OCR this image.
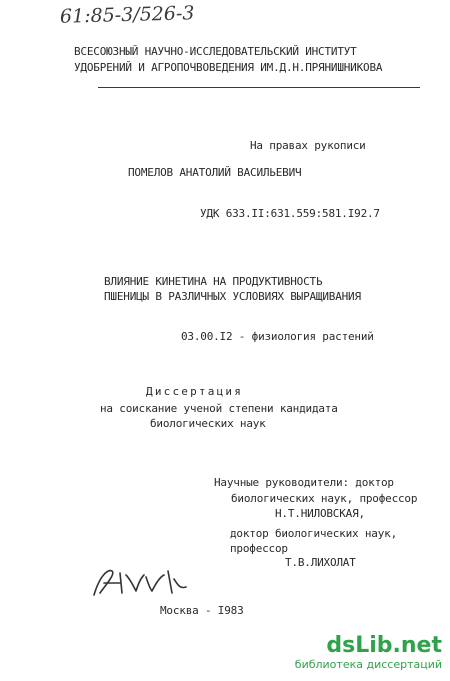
61:85-3/526-3
ВСЕСОЮЗНЫЙ НАУЧНО-ИССЛЕДОВАТЕЛЬСКИЙ ИНСТИТУТ
УДОБРЕНИЙ И АГРОПОЧВОВЕДЕНИЯ ИМ.Д.Н.ПРЯНИШНИКОВА
На правах рукописи
ПОМЕЛОВ АНАТОЛИЙ ВАСИЛЬЕВИЧ
УДК 633.II:631.559:581.I92.7
ВЛИЯНИЕ КИНЕТИНА НА ПРОДУКТИВНОСТЬ
ПШЕНИЦЫ В РАЗЛИЧНЫХ УСЛОВИЯХ ВЫРАЩИВАНИЯ
03.00.I2 - физиология растений
Диссертация
на соискание ученой степени кандидата
биологических наук
Научные руководители: доктор
биологических наук, профессор
Н.Т.НИЛОВСКАЯ,
доктор биологических наук,
профессор
Т.В.ЛИХОЛАТ
Москва - I983
dsLib.net
библиотека диссертаций
